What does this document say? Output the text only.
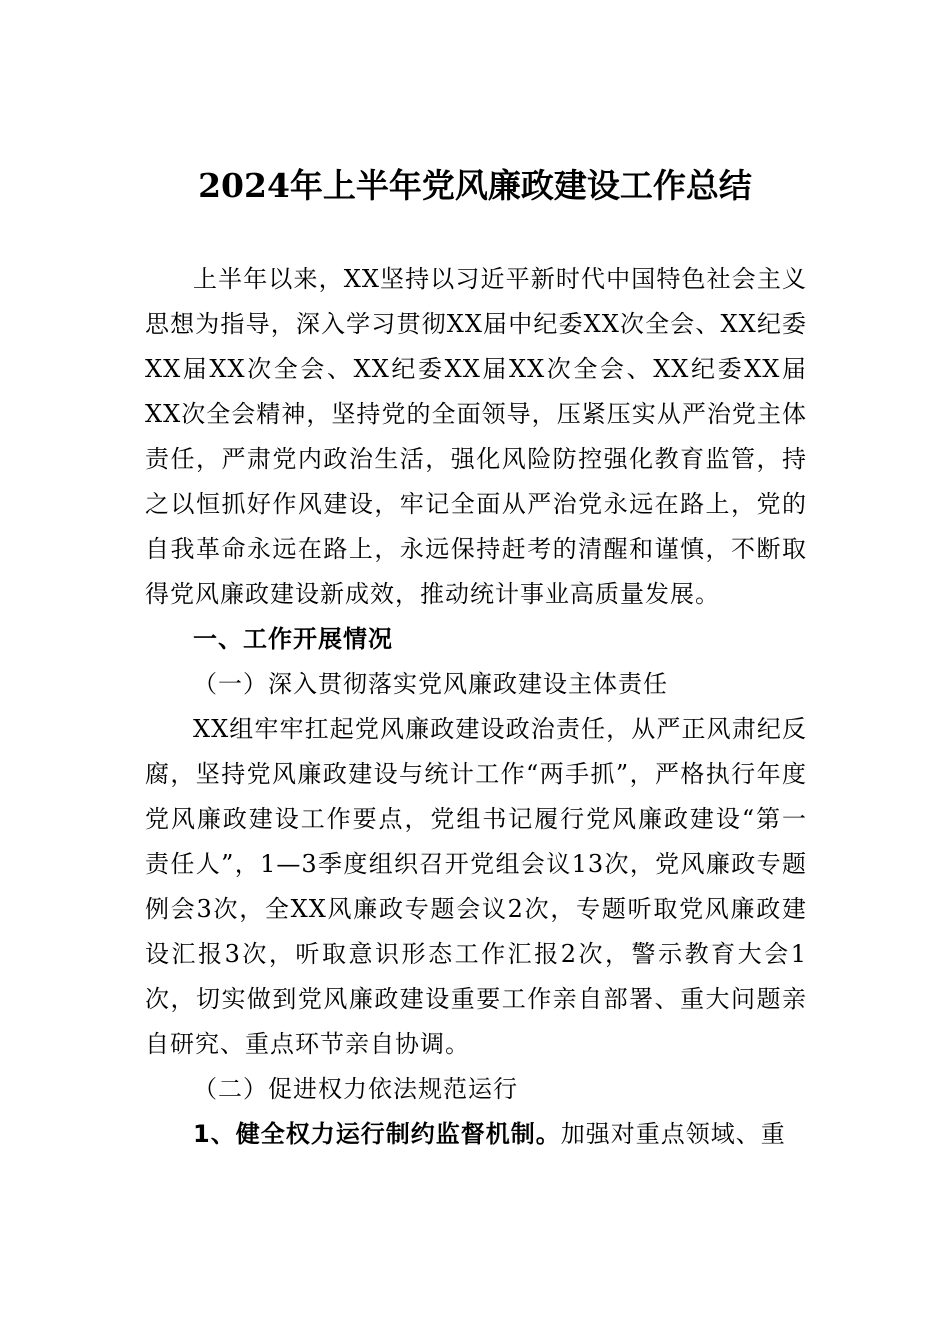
2024年上半年党风廉政建设工作总结

上半年以来，XX坚持以习近平新时代中国特色社会主义思想为指导，深入学习贯彻XX届中纪委XX次全会、XX纪委XX届XX次全会、XX纪委XX届XX次全会、XX纪委XX届XX次全会精神，坚持党的全面领导，压紧压实从严治党主体责任，严肃党内政治生活，强化风险防控强化教育监管，持之以恒抓好作风建设，牢记全面从严治党永远在路上，党的自我革命永远在路上，永远保持赶考的清醒和谨慎，不断取得党风廉政建设新成效，推动统计事业高质量发展。

一、工作开展情况

（一）深入贯彻落实党风廉政建设主体责任

XX组牢牢扛起党风廉政建设政治责任，从严正风肃纪反腐，坚持党风廉政建设与统计工作“两手抓”，严格执行年度党风廉政建设工作要点，党组书记履行党风廉政建设“第一责任人”，1—3季度组织召开党组会议13次，党风廉政专题例会3次，全XX风廉政专题会议2次，专题听取党风廉政建设汇报3次，听取意识形态工作汇报2次，警示教育大会1次，切实做到党风廉政建设重要工作亲自部署、重大问题亲自研究、重点环节亲自协调。

（二）促进权力依法规范运行

1、健全权力运行制约监督机制。加强对重点领域、重
